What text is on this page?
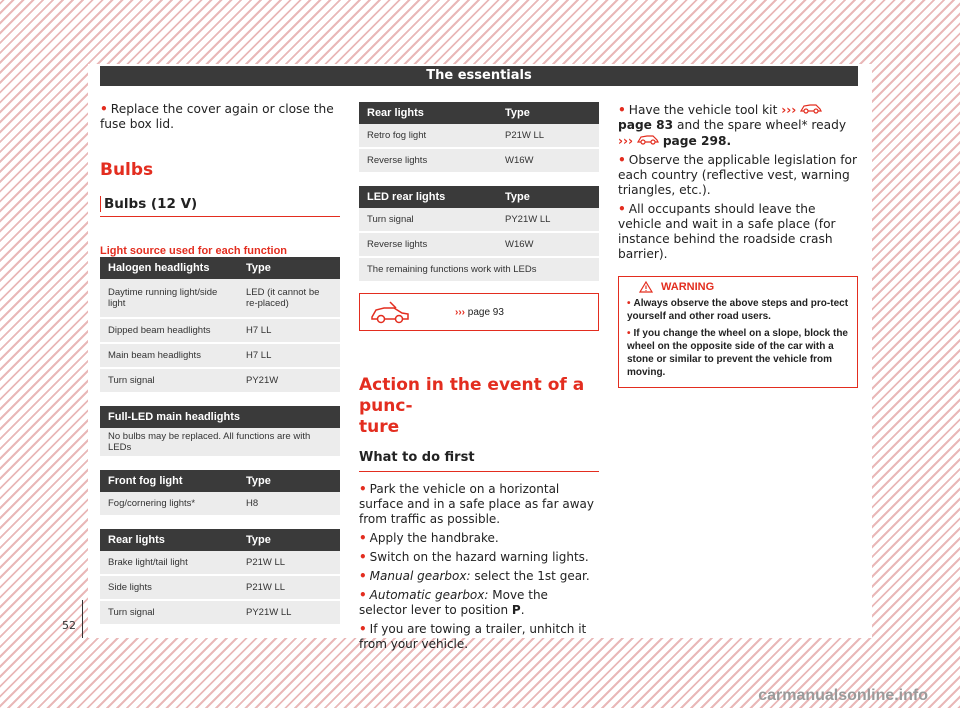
The essentials

• Replace the cover again or close the fuse box lid.

Bulbs
Bulbs (12 V)
Light source used for each function
Halogen headlights	Type
Daytime running light/side light	LED (it cannot be re-placed)
Dipped beam headlights	H7 LL
Main beam headlights	H7 LL
Turn signal	PY21W
Full-LED main headlights
No bulbs may be replaced. All functions are with LEDs
Front fog light	Type
Fog/cornering lights*	H8
Rear lights	Type
Brake light/tail light	P21W LL
Side lights	P21W LL
Turn signal	PY21W LL
Rear lights	Type
Retro fog light	P21W LL
Reverse lights	W16W
LED rear lights	Type
Turn signal	PY21W LL
Reverse lights	W16W
The remaining functions work with LEDs	
››› page 93
Action in the event of a punc-
ture
What to do first

• Park the vehicle on a horizontal surface and in a safe place as far away from traffic as possible.

• Apply the handbrake.

• Switch on the hazard warning lights.

• Manual gearbox: select the 1st gear.

• Automatic gearbox: Move the selector lever to position P.

• If you are towing a trailer, unhitch it from your vehicle.

• Have the vehicle tool kit ›››  page 83 and the spare wheel* ready
››› page 298.

• Observe the applicable legislation for each country (reflective vest, warning triangles, etc.).

• All occupants should leave the vehicle and wait in a safe place (for instance behind the roadside crash barrier).

WARNING

• Always observe the above steps and pro-tect yourself and other road users.

• If you change the wheel on a slope, block the wheel on the opposite side of the car with a stone or similar to prevent the vehicle from moving.

52
carmanualsonline.info
